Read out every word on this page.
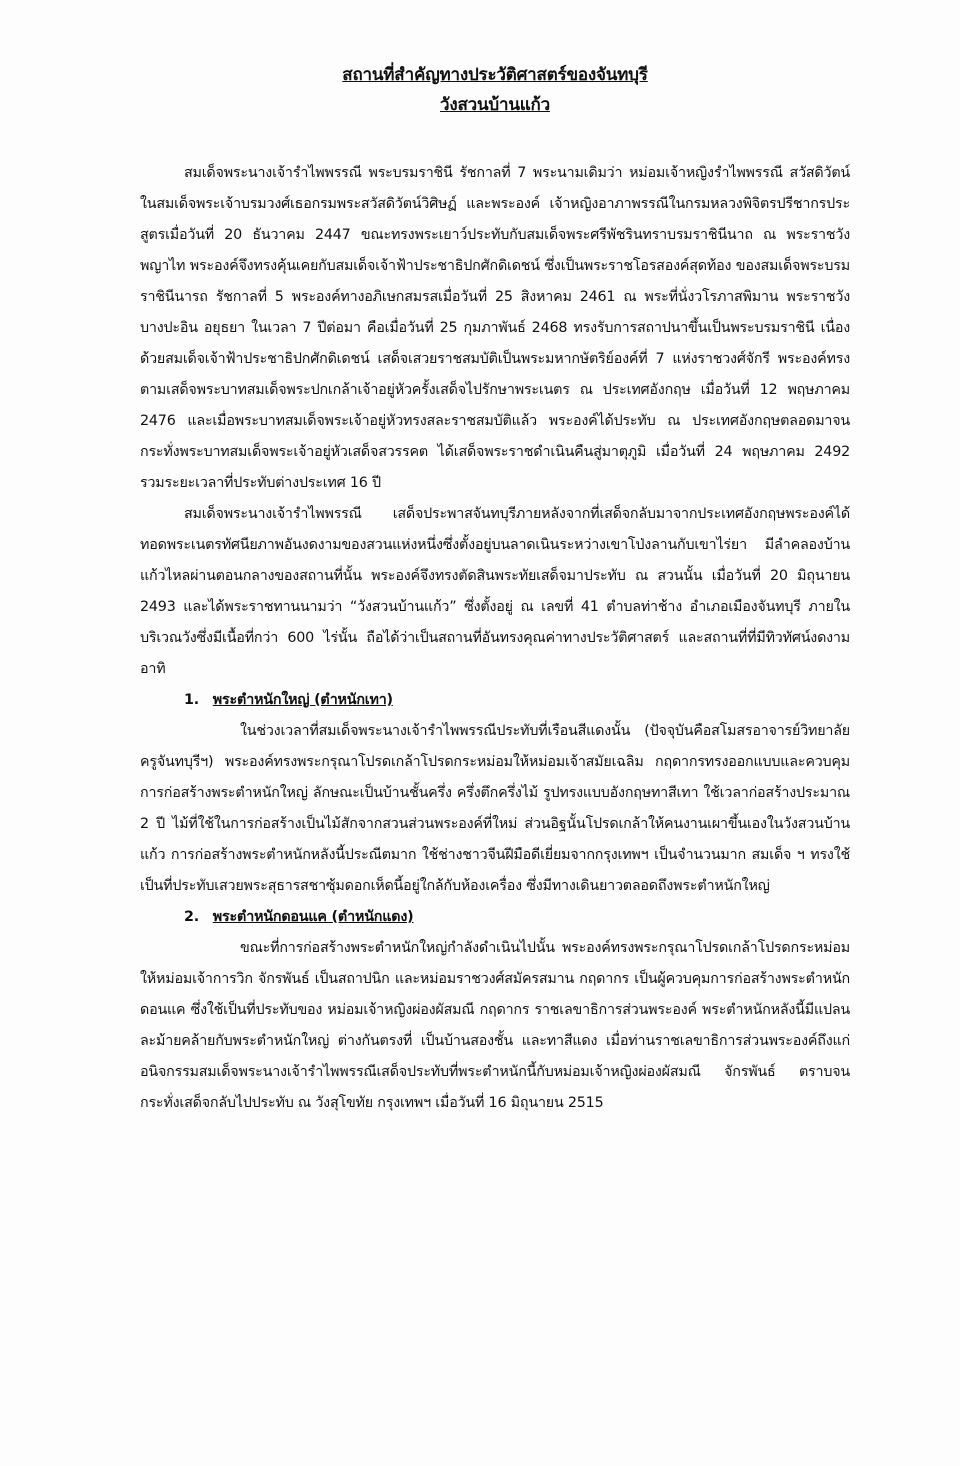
สถานที่สำคัญทางประวัติศาสตร์ของจันทบุรี

วังสวนบ้านแก้ว

สมเด็จพระนางเจ้ารำไพพรรณี พระบรมราชินี รัชกาลที่ 7 พระนามเดิมว่า หม่อมเจ้าหญิงรำไพพรรณี สวัสดิวัตน์ ในสมเด็จพระเจ้าบรมวงศ์เธอกรมพระสวัสดิวัตน์วิศิษฏ์ และพระองค์ เจ้าหญิงอาภาพรรณีในกรมหลวงพิจิตรปรีชากรประสูตรเมื่อวันที่ 20 ธันวาคม 2447 ขณะทรงพระเยาว์ประทับกับสมเด็จพระศรีพัชรินทราบรมราชินีนาถ ณ พระราชวังพญาไท พระองค์จึงทรงคุ้นเคยกับสมเด็จเจ้าฟ้าประชาธิปกศักดิเดชน์ ซึ่งเป็นพระราชโอรสองค์สุดท้อง ของสมเด็จพระบรมราชินีนารถ รัชกาลที่ 5 พระองค์ทางอภิเษกสมรสเมื่อวันที่ 25 สิงหาคม 2461 ณ พระที่นั่งวโรภาสพิมาน พระราชวังบางปะอิน อยุธยา ในเวลา 7 ปีต่อมา คือเมื่อวันที่ 25 กุมภาพันธ์ 2468 ทรงรับการสถาปนาขึ้นเป็นพระบรมราชินี เนื่องด้วยสมเด็จเจ้าฟ้าประชาธิปกศักดิเดชน์ เสด็จเสวยราชสมบัติเป็นพระมหากษัตริย์องค์ที่ 7 แห่งราชวงศ์จักรี พระองค์ทรงตามเสด็จพระบาทสมเด็จพระปกเกล้าเจ้าอยู่หัวครั้งเสด็จไปรักษาพระเนตร ณ ประเทศอังกฤษ เมื่อวันที่ 12 พฤษภาคม 2476 และเมื่อพระบาทสมเด็จพระเจ้าอยู่หัวทรงสละราชสมบัติแล้ว พระองค์ได้ประทับ ณ ประเทศอังกฤษตลอดมาจนกระทั่งพระบาทสมเด็จพระเจ้าอยู่หัวเสด็จสวรรคต ได้เสด็จพระราชดำเนินคืนสู่มาตุภูมิ เมื่อวันที่ 24 พฤษภาคม 2492 รวมระยะเวลาที่ประทับต่างประเทศ 16 ปี

สมเด็จพระนางเจ้ารำไพพรรณี เสด็จประพาสจันทบุรีภายหลังจากที่เสด็จกลับมาจากประเทศอังกฤษพระองค์ได้ทอดพระเนตรทัศนียภาพอันงดงามของสวนแห่งหนึ่งซึ่งตั้งอยู่บนลาดเนินระหว่างเขาโป่งลานกับเขาไร่ยา มีลำคลองบ้านแก้วไหลผ่านตอนกลางของสถานที่นั้น พระองค์จึงทรงตัดสินพระทัยเสด็จมาประทับ ณ สวนนั้น เมื่อวันที่ 20 มิถุนายน 2493 และได้พระราชทานนามว่า “วังสวนบ้านแก้ว” ซึ่งตั้งอยู่ ณ เลขที่ 41 ตำบลท่าช้าง อำเภอเมืองจันทบุรี ภายในบริเวณวังซึ่งมีเนื้อที่กว่า 600 ไร่นั้น ถือได้ว่าเป็นสถานที่อันทรงคุณค่าทางประวัติศาสตร์ และสถานที่ที่มีทิวทัศน์งดงาม อาทิ

1. พระตำหนักใหญ่ (ตำหนักเทา)

ในช่วงเวลาที่สมเด็จพระนางเจ้ารำไพพรรณีประทับที่เรือนสีแดงนั้น (ปัจจุบันคือสโมสรอาจารย์วิทยาลัยครูจันทบุรีฯ) พระองค์ทรงพระกรุณาโปรดเกล้าโปรดกระหม่อมให้หม่อมเจ้าสมัยเฉลิม กฤดากรทรงออกแบบและควบคุมการก่อสร้างพระตำหนักใหญ่ ลักษณะเป็นบ้านชั้นครึ่ง ครึ่งตึกครึ่งไม้ รูปทรงแบบอังกฤษทาสีเทา ใช้เวลาก่อสร้างประมาณ 2 ปี ไม้ที่ใช้ในการก่อสร้างเป็นไม้สักจากสวนส่วนพระองค์ที่ใหม่ ส่วนอิฐนั้นโปรดเกล้าให้คนงานเผาขึ้นเองในวังสวนบ้านแก้ว การก่อสร้างพระตำหนักหลังนี้ประณีตมาก ใช้ช่างชาวจีนฝีมือดีเยี่ยมจากกรุงเทพฯ เป็นจำนวนมาก สมเด็จ ฯ ทรงใช้เป็นที่ประทับเสวยพระสุธารสชาซุ้มดอกเห็ดนี้อยู่ใกล้กับห้องเครื่อง ซึ่งมีทางเดินยาวตลอดถึงพระตำหนักใหญ่

2. พระตำหนักดอนแค (ตำหนักแดง)

ขณะที่การก่อสร้างพระตำหนักใหญ่กำลังดำเนินไปนั้น พระองค์ทรงพระกรุณาโปรดเกล้าโปรดกระหม่อมให้หม่อมเจ้าการวิก จักรพันธ์ เป็นสถาปนิก และหม่อมราชวงศ์สมัครสมาน กฤดากร เป็นผู้ควบคุมการก่อสร้างพระตำหนักดอนแค ซึ่งใช้เป็นที่ประทับของ หม่อมเจ้าหญิงผ่องผัสมณี กฤดากร ราชเลขาธิการส่วนพระองค์ พระตำหนักหลังนี้มีแปลนละม้ายคล้ายกับพระตำหนักใหญ่ ต่างกันตรงที่ เป็นบ้านสองชั้น และทาสีแดง เมื่อท่านราชเลขาธิการส่วนพระองค์ถึงแก่อนิจกรรมสมเด็จพระนางเจ้ารำไพพรรณีเสด็จประทับที่พระตำหนักนี้กับหม่อมเจ้าหญิงผ่องผัสมณี จักรพันธ์ ตราบจนกระทั่งเสด็จกลับไปประทับ ณ วังสุโขทัย กรุงเทพฯ เมื่อวันที่ 16 มิถุนายน 2515
